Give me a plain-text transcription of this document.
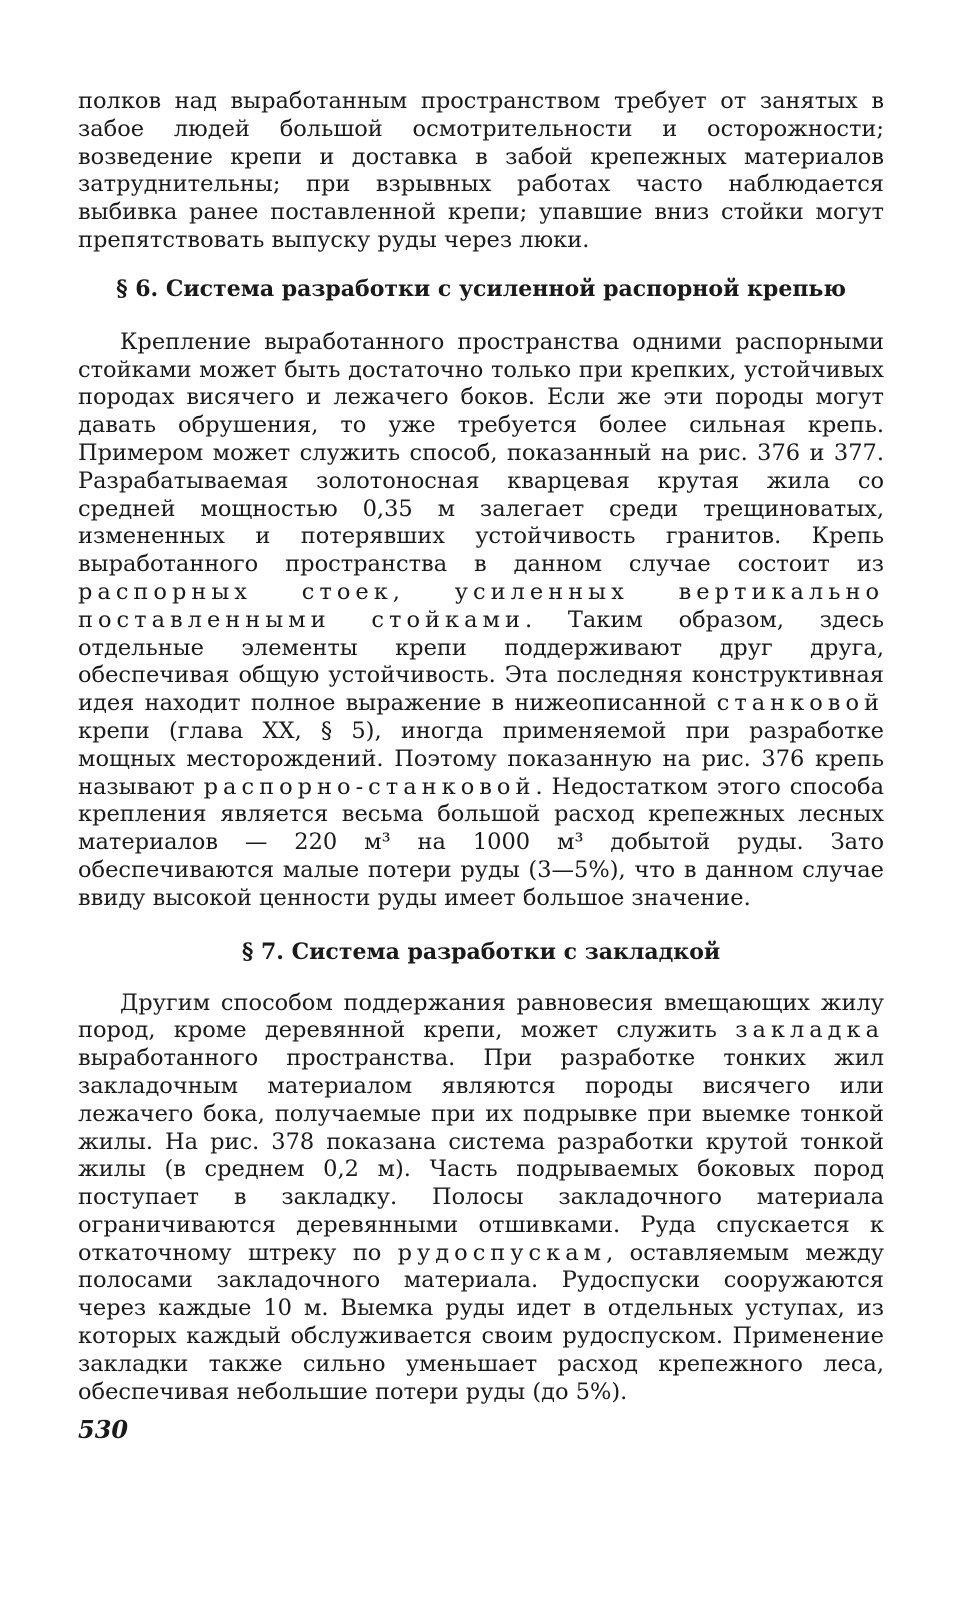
полков над выработанным пространством требует от занятых в забое людей большой осмотрительности и осторожности; возведение крепи и доставка в забой крепежных материалов затруднительны; при взрывных работах часто наблюдается выбивка ранее поставленной крепи; упавшие вниз стойки могут препятствовать выпуску руды через люки.

§ 6. Система разработки с усиленной распорной крепью

Крепление выработанного пространства одними распорными стойками может быть достаточно только при крепких, устойчивых породах висячего и лежачего боков. Если же эти породы могут давать обрушения, то уже требуется более сильная крепь. Примером может служить способ, показанный на рис. 376 и 377. Разрабатываемая золотоносная кварцевая крутая жила со средней мощностью 0,35 м залегает среди трещиноватых, измененных и потерявших устойчивость гранитов. Крепь выработанного пространства в данном случае состоит из распорных стоек, усиленных вертикально поставленными стойками. Таким образом, здесь отдельные элементы крепи поддерживают друг друга, обеспечивая общую устойчивость. Эта последняя конструктивная идея находит полное выражение в нижеописанной станковой крепи (глава XX, § 5), иногда применяемой при разработке мощных месторождений. Поэтому показанную на рис. 376 крепь называют распорно-станковой. Недостатком этого способа крепления является весьма большой расход крепежных лесных материалов — 220 м³ на 1000 м³ добытой руды. Зато обеспечиваются малые потери руды (3—5%), что в данном случае ввиду высокой ценности руды имеет большое значение.

§ 7. Система разработки с закладкой

Другим способом поддержания равновесия вмещающих жилу пород, кроме деревянной крепи, может служить закладка выработанного пространства. При разработке тонких жил закладочным материалом являются породы висячего или лежачего бока, получаемые при их подрывке при выемке тонкой жилы. На рис. 378 показана система разработки крутой тонкой жилы (в среднем 0,2 м). Часть подрываемых боковых пород поступает в закладку. Полосы закладочного материала ограничиваются деревянными отшивками. Руда спускается к откаточному штреку по рудоспускам, оставляемым между полосами закладочного материала. Рудоспуски сооружаются через каждые 10 м. Выемка руды идет в отдельных уступах, из которых каждый обслуживается своим рудоспуском. Применение закладки также сильно уменьшает расход крепежного леса, обеспечивая небольшие потери руды (до 5%).

530
